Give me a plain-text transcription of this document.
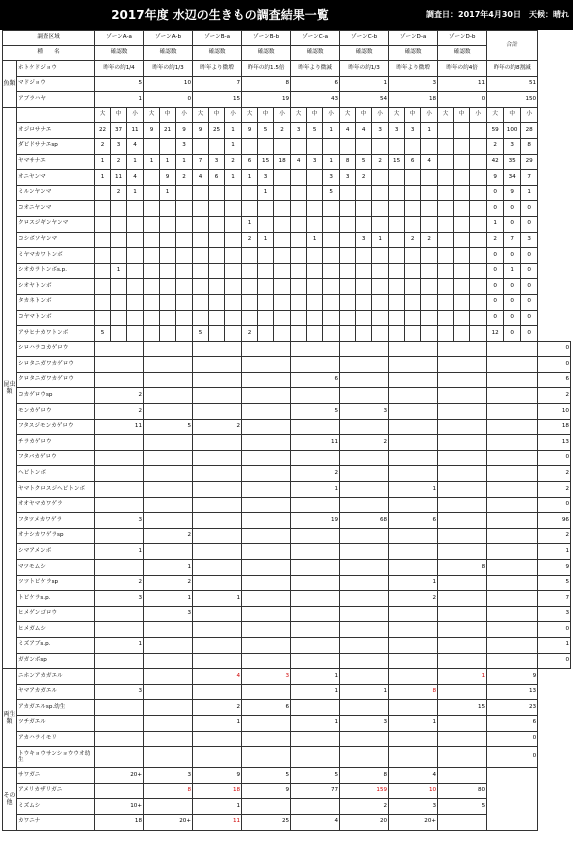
2017年度 水辺の生きもの調査結果一覧	調査日：2017年4月30日　 天候：晴れ
調査区域		ゾーンA-a			ゾーンA-b			ゾーンB-a			ゾーンB-b			ゾーンC-a			ゾーンC-b			ゾーンD-a			ゾーンD-b			合計			
種　　名		確認数			確認数			確認数			確認数			確認数			確認数			確認数			確認数						
魚類	ホトケドジョウ	昨年の約1/4			昨年の約1/3			昨年より微増			昨年の約1.5倍			昨年より微減			昨年の約1/3			昨年より微増			昨年の約4倍			昨年の約8割減			
	マドジョウ	5			10			7			8			6			1			3			11			51			
	アブラハヤ	1			0			15			19			43			54			18			0			150			
昆虫類		大	中	小	大	中	小	大	中	小	大	中	小	大	中	小	大	中	小	大	中	小	大	中	小	大	中	小	
	オジロサナエ	22	37	11	9	21	9	9	25	1	9	5	2	3	5	1	4	4	3	3	3	1				59	100	28	
	ダビドサナエsp	2	3	4			3			1																2	3	8	
	ヤマサナエ	1	2	1	1	1	1	7	3	2	6	15	18	4	3	1	8	5	2	15	6	4				42	35	29	
	オニヤンマ	1	11	4		9	2	4	6	1	1	3				3	3	2								9	34	7	
	ミルンヤンマ		2	1		1						1				5										0	9	1	
	コオニヤンマ																									0	0	0	
	クロスジギンヤンマ										1															1	0	0	
	コシボソヤンマ										2	1			1			3	1		2	2				2	7	3	
	ミヤマカワトンボ																									0	0	0	
	シオカラトンボs.p.		1																							0	1	0	
	シオヤトンボ																									0	0	0	
	タカネトンボ																									0	0	0	
	コヤマトンボ																									0	0	0	
	アサヒナカワトンボ	5						5			2															12	0	0	
	シロハラコカゲロウ																												0
	シロタニガワカゲロウ																												0
	クロタニガワカゲロウ													6															6
	コカゲロウsp	2																											2
	モンカゲロウ	2												5			3												10
	フタスジモンカゲロウ	11			5			2																					18
	チラカゲロウ													11			2												13
	フタバカゲロウ																												0
	ヘビトンボ													2															2
	ヤマトクロスジヘビトンボ													1						1									2
	オオヤマカワゲラ																												0
	フタツメカワゲラ	3												19			68			6									96
	オナシカワゲラsp				2																								2
	シマアメンボ	1																											1
	マツモムシ				1																		8						9
	ツツトビケラsp	2			2															1									5
	トビケラs.p.	3			1			1												2									7
	ヒメゲンゴロウ				3																								3
	ヒメガムシ																												0
	ミズアブs.p.	1																											1
	ガガンボsp																												0
両生類	ニホンアカガエル							4			3			1									1			9			
	ヤマアカガエル	3												1			1			8						13			
	アカガエルsp.幼生							2			6												15			23			
	ツチガエル							1						1			3			1						6			
	アカハライモリ																									0			
	トウキョウサンショウウオ幼生																									0			
その他	サワガニ	20+			3			9			5			5			8			4									
	アメリカザリガニ				8			18			9			77			159			10			80						
	ミズムシ	10+						1									2			3			5						
	カワニナ	18			20+			11			25			4			20			20+									
